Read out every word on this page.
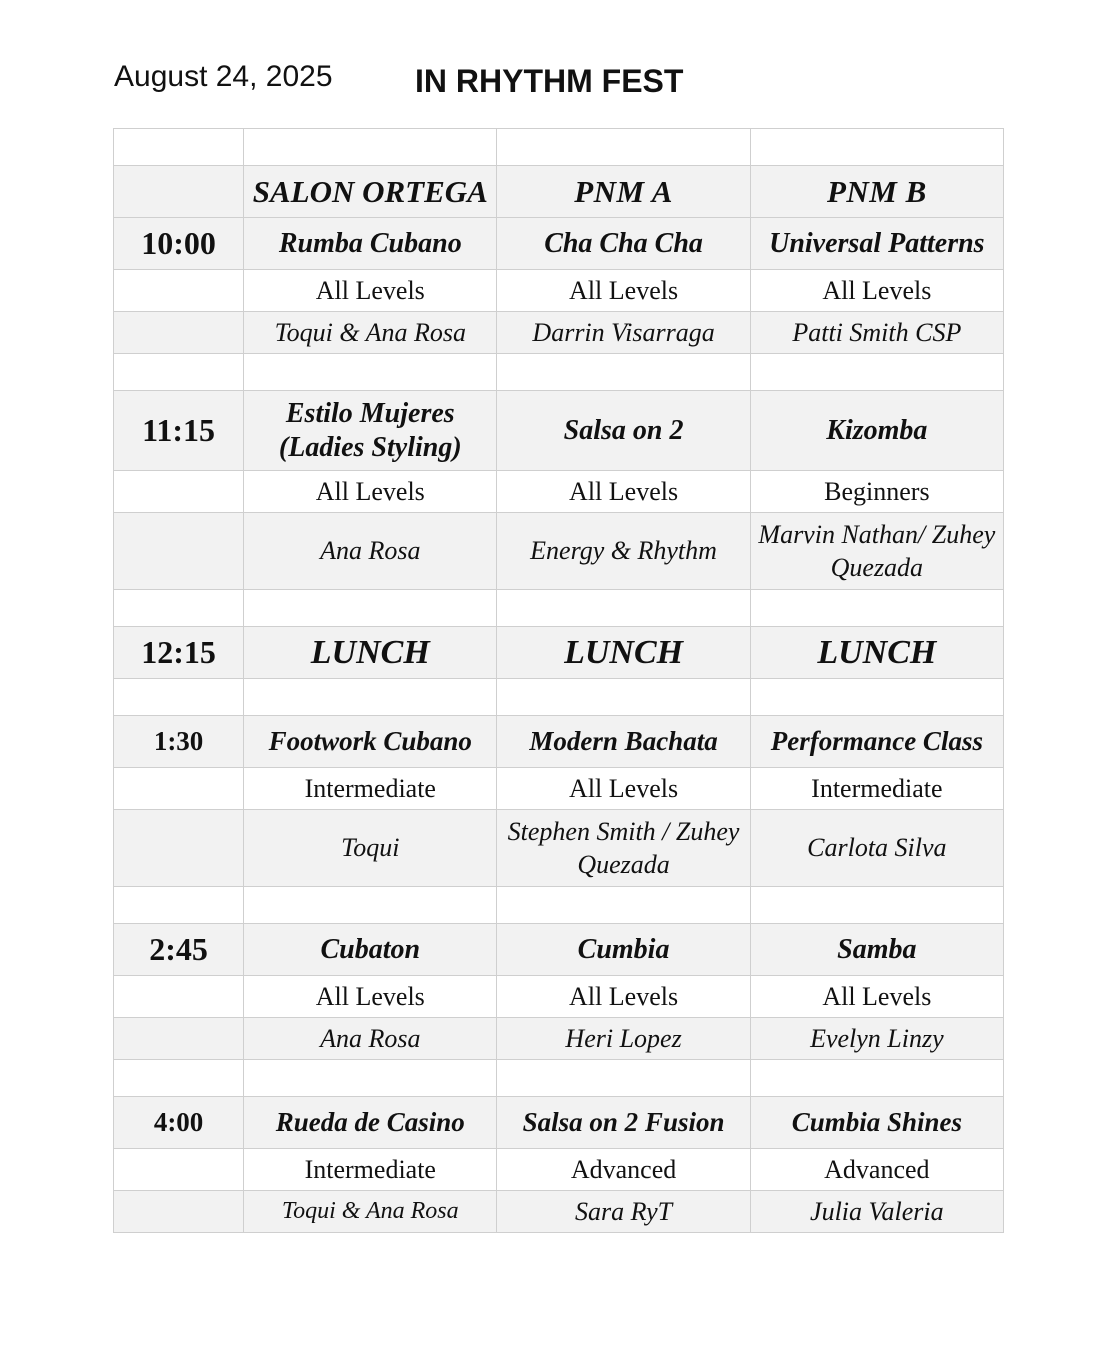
August 24, 2025	IN RHYTHM FEST

	SALON ORTEGA	PNM A	PNM B
10:00	Rumba Cubano	Cha Cha Cha	Universal Patterns
	All Levels	All Levels	All Levels
	Toqui & Ana Rosa	Darrin Visarraga	Patti Smith CSP

11:15	Estilo Mujeres (Ladies Styling)	Salsa on 2	Kizomba
	All Levels	All Levels	Beginners
	Ana Rosa	Energy & Rhythm	Marvin Nathan/ Zuhey Quezada

12:15	LUNCH	LUNCH	LUNCH

1:30	Footwork Cubano	Modern Bachata	Performance Class
	Intermediate	All Levels	Intermediate
	Toqui	Stephen Smith / Zuhey Quezada	Carlota Silva

2:45	Cubaton	Cumbia	Samba
	All Levels	All Levels	All Levels
	Ana Rosa	Heri Lopez	Evelyn Linzy

4:00	Rueda de Casino	Salsa on 2 Fusion	Cumbia Shines
	Intermediate	Advanced	Advanced
	Toqui & Ana Rosa	Sara RyT	Julia Valeria
